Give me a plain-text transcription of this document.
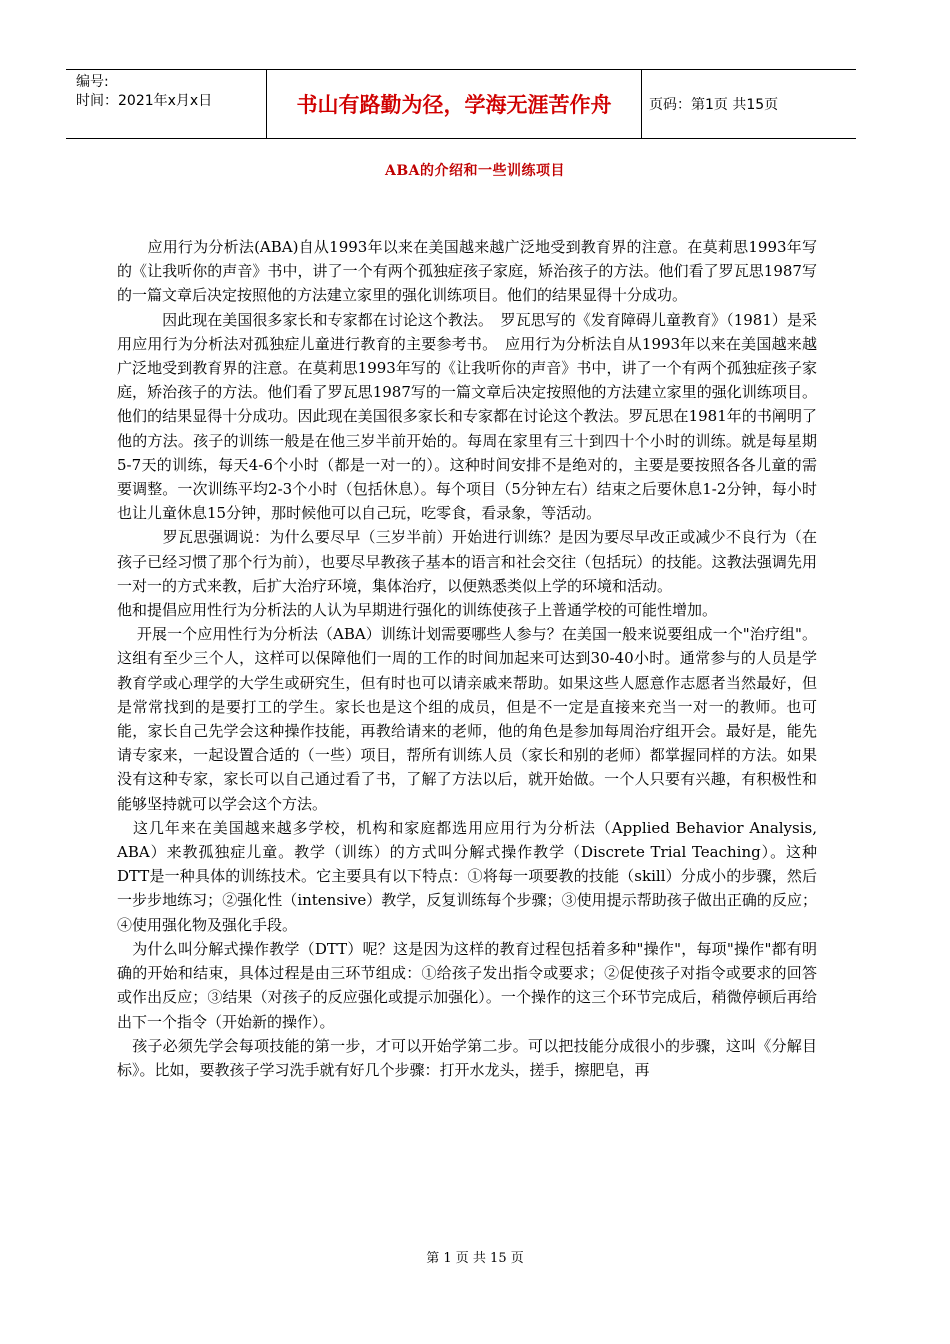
编号:
时间：2021年x月x日	书山有路勤为径，学海无涯苦作舟	页码：第1页 共15页
ABA的介绍和一些训练项目

　　应用行为分析法(ABA)自从1993年以来在美国越来越广泛地受到教育界的注意。在莫莉思1993年写的《让我听你的声音》书中，讲了一个有两个孤独症孩子家庭，矫治孩子的方法。他们看了罗瓦思1987写的一篇文章后决定按照他的方法建立家里的强化训练项目。他们的结果显得十分成功。

　　　因此现在美国很多家长和专家都在讨论这个教法。　罗瓦思写的《发育障碍儿童教育》（1981）是采用应用行为分析法对孤独症儿童进行教育的主要参考书。　应用行为分析法自从1993年以来在美国越来越广泛地受到教育界的注意。在莫莉思1993年写的《让我听你的声音》书中，讲了一个有两个孤独症孩子家庭，矫治孩子的方法。他们看了罗瓦思1987写的一篇文章后决定按照他的方法建立家里的强化训练项目。他们的结果显得十分成功。因此现在美国很多家长和专家都在讨论这个教法。罗瓦思在1981年的书阐明了他的方法。孩子的训练一般是在他三岁半前开始的。每周在家里有三十到四十个小时的训练。就是每星期5-7天的训练，每天4-6个小时（都是一对一的）。这种时间安排不是绝对的，主要是要按照各各儿童的需要调整。一次训练平均2-3个小时（包括休息）。每个项目（5分钟左右）结束之后要休息1-2分钟，每小时也让儿童休息15分钟，那时候他可以自己玩，吃零食，看录象，等活动。

　　　罗瓦思强调说：为什么要尽早（三岁半前）开始进行训练？是因为要尽早改正或减少不良行为（在孩子已经习惯了那个行为前），也要尽早教孩子基本的语言和社会交往（包括玩）的技能。这教法强调先用一对一的方式来教，后扩大治疗环境，集体治疗，以便熟悉类似上学的环境和活动。

他和提倡应用性行为分析法的人认为早期进行强化的训练使孩子上普通学校的可能性增加。

　 开展一个应用性行为分析法（ABA）训练计划需要哪些人参与？在美国一般来说要组成一个"治疗组"。这组有至少三个人，这样可以保障他们一周的工作的时间加起来可达到30-40小时。通常参与的人员是学教育学或心理学的大学生或研究生，但有时也可以请亲戚来帮助。如果这些人愿意作志愿者当然最好，但是常常找到的是要打工的学生。家长也是这个组的成员，但是不一定是直接来充当一对一的教师。也可能，家长自己先学会这种操作技能，再教给请来的老师，他的角色是参加每周治疗组开会。最好是，能先请专家来，一起设置合适的（一些）项目，帮所有训练人员（家长和别的老师）都掌握同样的方法。如果没有这种专家，家长可以自己通过看了书，了解了方法以后，就开始做。一个人只要有兴趣，有积极性和能够坚持就可以学会这个方法。

　这几年来在美国越来越多学校，机构和家庭都选用应用行为分析法（Applied Behavior Analysis, ABA）来教孤独症儿童。教学（训练）的方式叫分解式操作教学（Discrete Trial Teaching）。这种DTT是一种具体的训练技术。它主要具有以下特点：①将每一项要教的技能（skill）分成小的步骤，然后一步步地练习；②强化性（intensive）教学，反复训练每个步骤；③使用提示帮助孩子做出正确的反应；④使用强化物及强化手段。

　为什么叫分解式操作教学（DTT）呢？这是因为这样的教育过程包括着多种"操作"，每项"操作"都有明确的开始和结束，具体过程是由三环节组成：①给孩子发出指令或要求；②促使孩子对指令或要求的回答或作出反应；③结果（对孩子的反应强化或提示加强化）。一个操作的这三个环节完成后，稍微停顿后再给出下一个指令（开始新的操作）。

　孩子必须先学会每项技能的第一步，才可以开始学第二步。可以把技能分成很小的步骤，这叫《分解目标》。比如，要教孩子学习洗手就有好几个步骤：打开水龙头，搓手，擦肥皂，再

第 1 页 共 15 页
